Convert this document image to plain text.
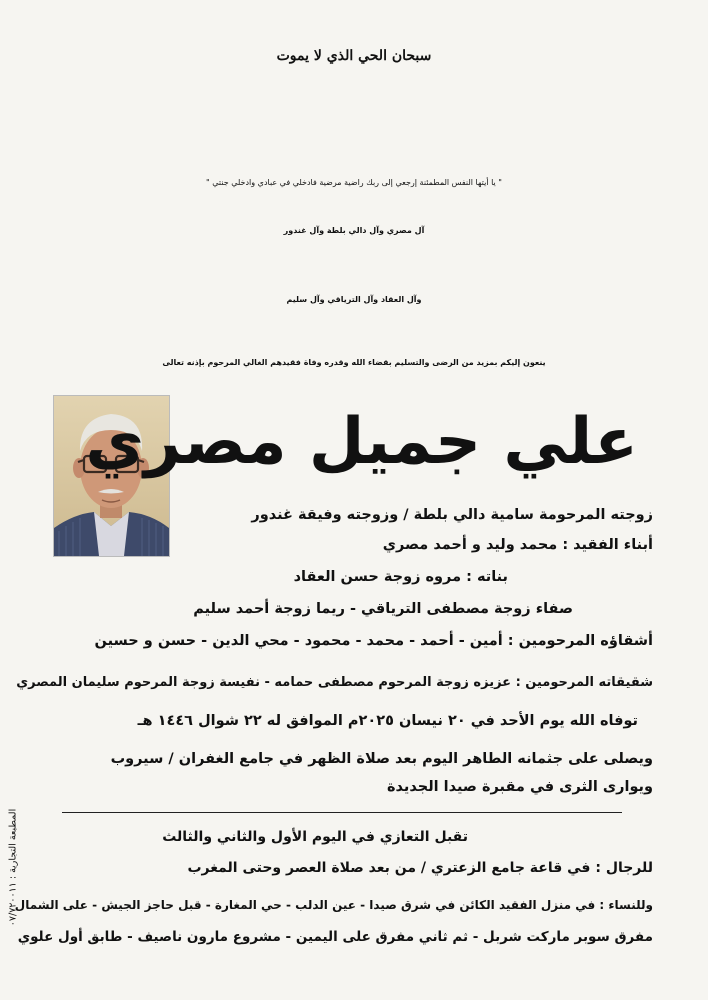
سبحان الحي الذي لا يموت
" يا أيتها النفس المطمئنة إرجعي إلى ربك راضية مرضية فادخلي في عبادي وادخلي جنتي "
آل مصري وآل دالي بلطة وآل غندور
وآل العقاد وآل الترياقي وآل سليم
ينعون إليكم بمزيد من الرضى والتسليم بقضاء الله وقدره وفاة فقيدهم الغالي المرحوم بإذنه تعالى
علي جميل مصري
زوجته المرحومة سامية دالي بلطة / وزوجته وفيقة غندور
أبناء الفقيد : محمد وليد و أحمد مصري
بناته : مروه زوجة حسن العقاد
صفاء زوجة مصطفى الترياقي - ريما زوجة أحمد سليم
أشقاؤه المرحومين : أمين - أحمد - محمد - محمود - محي الدين - حسن و حسين
شقيقاته المرحومين : عزيزه زوجة المرحوم مصطفى حمامه - نفيسة زوجة المرحوم سليمان المصري
توفاه الله يوم الأحد في ٢٠ نيسان ٢٠٢٥م الموافق له ٢٢ شوال ١٤٤٦ هـ
ويصلى على جثمانه الطاهر اليوم بعد صلاة الظهر في جامع الغفران / سيروب
ويوارى الثرى في مقبرة صيدا الجديدة
تقبل التعازي في اليوم الأول والثاني والثالث
للرجال : في قاعة جامع الزعتري / من بعد صلاة العصر وحتى المغرب
وللنساء : في منزل الفقيد الكائن في شرق صيدا - عين الدلب - حي المغارة - قبل حاجز الجيش - على الشمال
مفرق سوبر ماركت شربل - ثم ثاني مفرق على اليمين - مشروع مارون ناصيف - طابق أول علوي
المطبعة التجارية : ٠٧/٧٢٠٠١١
